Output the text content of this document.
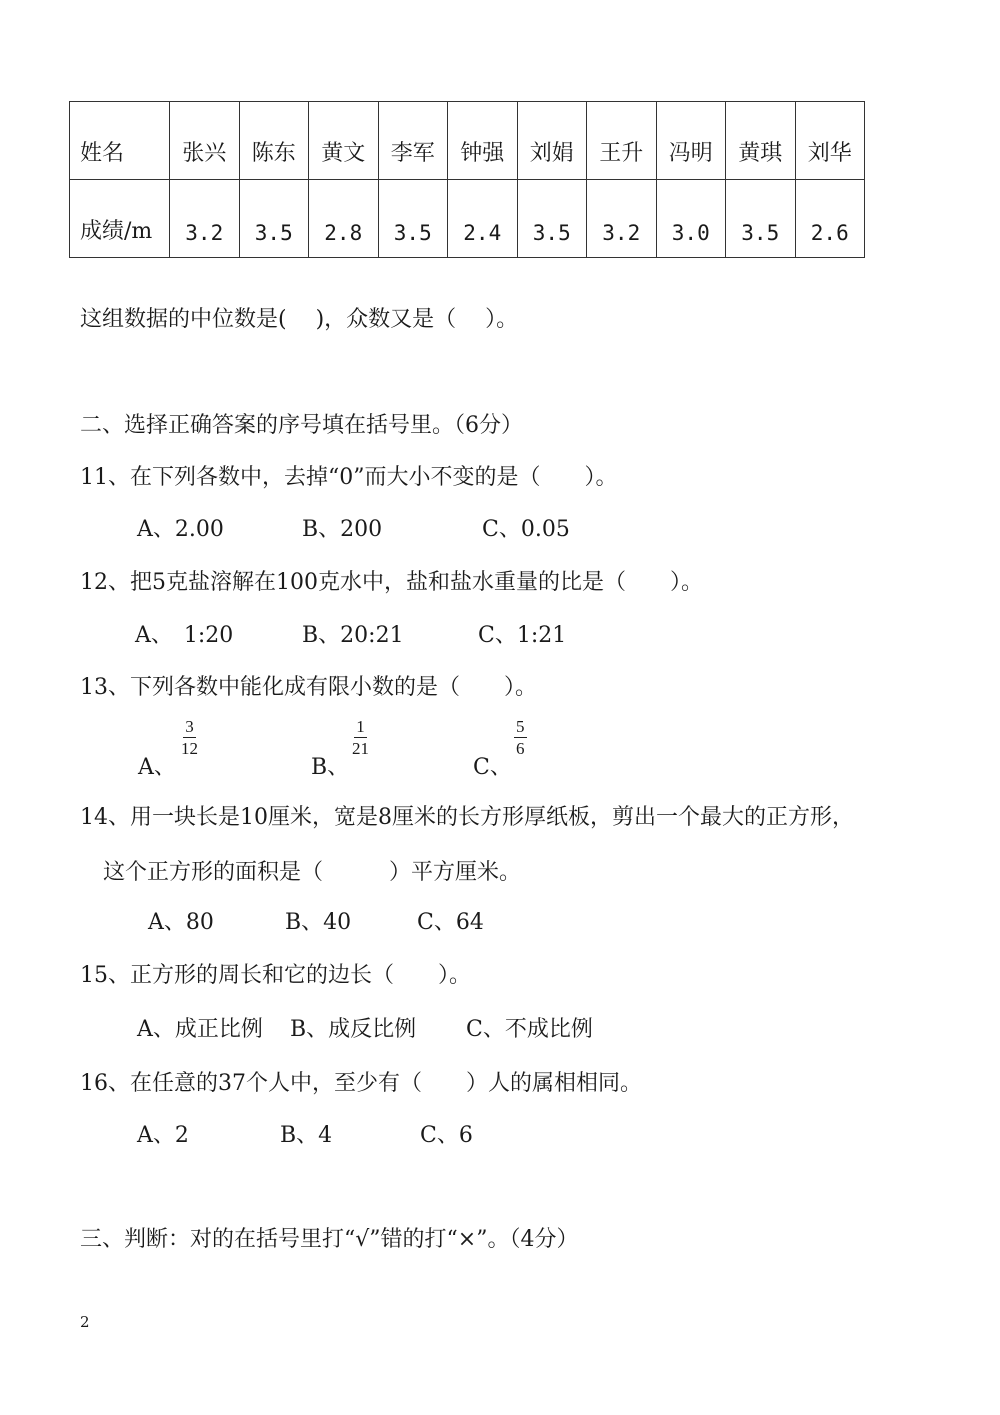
姓名	张兴	陈东	黄文	李军	钟强	刘娟	王升	冯明	黄琪	刘华
成绩/m	3.2	3.5	2.8	3.5	2.4	3.5	3.2	3.0	3.5	2.6
这组数据的中位数是(　 )，众数又是（　 ）。
二、选择正确答案的序号填在括号里。（6分）
11、在下列各数中，去掉“0”而大小不变的是（　　）。
A、2.00	B、200	C、0.05
12、把5克盐溶解在100克水中，盐和盐水重量的比是（　　）。
A、　1:20	B、20:21	C、1:21
13、下列各数中能化成有限小数的是（　　）。
A、
$\frac{3}{12}$
B、
$\frac{1}{21}$
C、
$\frac{5}{6}$
14、用一块长是10厘米，宽是8厘米的长方形厚纸板，剪出一个最大的正方形，
这个正方形的面积是（　　　）平方厘米。
A、80	B、40	C、64
15、正方形的周长和它的边长（　　）。
A、成正比例 B、成反比例 C、不成比例
16、在任意的37个人中，至少有（　　）人的属相相同。
A、2	B、4	C、6
三、判断：对的在括号里打“√”错的打“×”。（4分）
2
